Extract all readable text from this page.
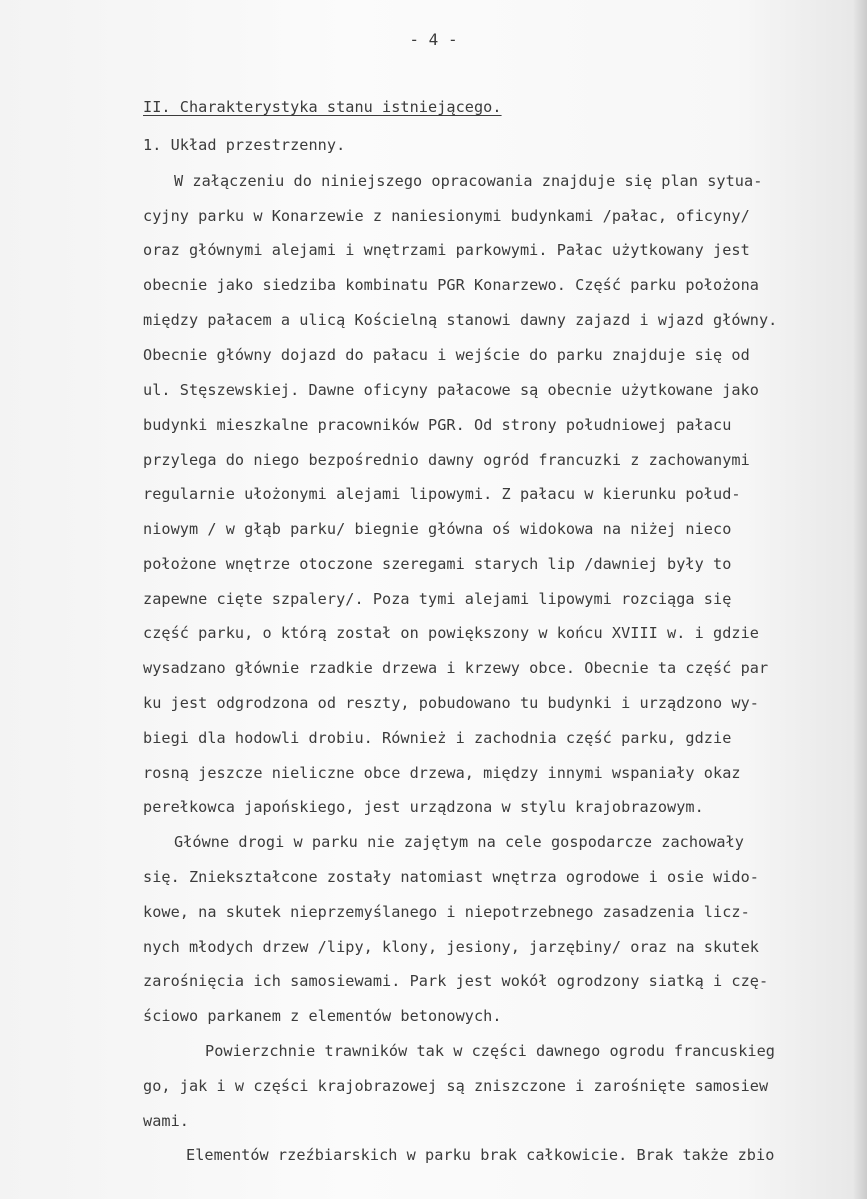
- 4 -
II. Charakterystyka stanu istniejącego.
1. Układ przestrzenny.
W załączeniu do niniejszego opracowania znajduje się plan sytua-
cyjny parku w Konarzewie z naniesionymi budynkami /pałac, oficyny/
oraz głównymi alejami i wnętrzami parkowymi. Pałac użytkowany jest
obecnie jako siedziba kombinatu PGR Konarzewo. Część parku położona
między pałacem a ulicą Kościelną stanowi dawny zajazd i wjazd główny.
Obecnie główny dojazd do pałacu i wejście do parku znajduje się od
ul. Stęszewskiej. Dawne oficyny pałacowe są obecnie użytkowane jako
budynki mieszkalne pracowników PGR. Od strony południowej pałacu
przylega do niego bezpośrednio dawny ogród francuzki z zachowanymi
regularnie ułożonymi alejami lipowymi. Z pałacu w kierunku połud-
niowym / w głąb parku/ biegnie główna oś widokowa na niżej nieco
położone wnętrze otoczone szeregami starych lip /dawniej były to
zapewne cięte szpalery/. Poza tymi alejami lipowymi rozciąga się
część parku, o którą został on powiększony w końcu XVIII w. i gdzie
wysadzano głównie rzadkie drzewa i krzewy obce. Obecnie ta część par
ku jest odgrodzona od reszty, pobudowano tu budynki i urządzono wy-
biegi dla hodowli drobiu. Również i zachodnia część parku, gdzie
rosną jeszcze nieliczne obce drzewa, między innymi wspaniały okaz
perełkowca japońskiego, jest urządzona w stylu krajobrazowym.
Główne drogi w parku nie zajętym na cele gospodarcze zachowały
się. Zniekształcone zostały natomiast wnętrza ogrodowe i osie wido-
kowe, na skutek nieprzemyślanego i niepotrzebnego zasadzenia licz-
nych młodych drzew /lipy, klony, jesiony, jarzębiny/ oraz na skutek
zarośnięcia ich samosiewami. Park jest wokół ogrodzony siatką i czę-
ściowo parkanem z elementów betonowych.
Powierzchnie trawników tak w części dawnego ogrodu francuskieg
go, jak i w części krajobrazowej są zniszczone i zarośnięte samosiew
wami.
Elementów rzeźbiarskich w parku brak całkowicie. Brak także zbio
